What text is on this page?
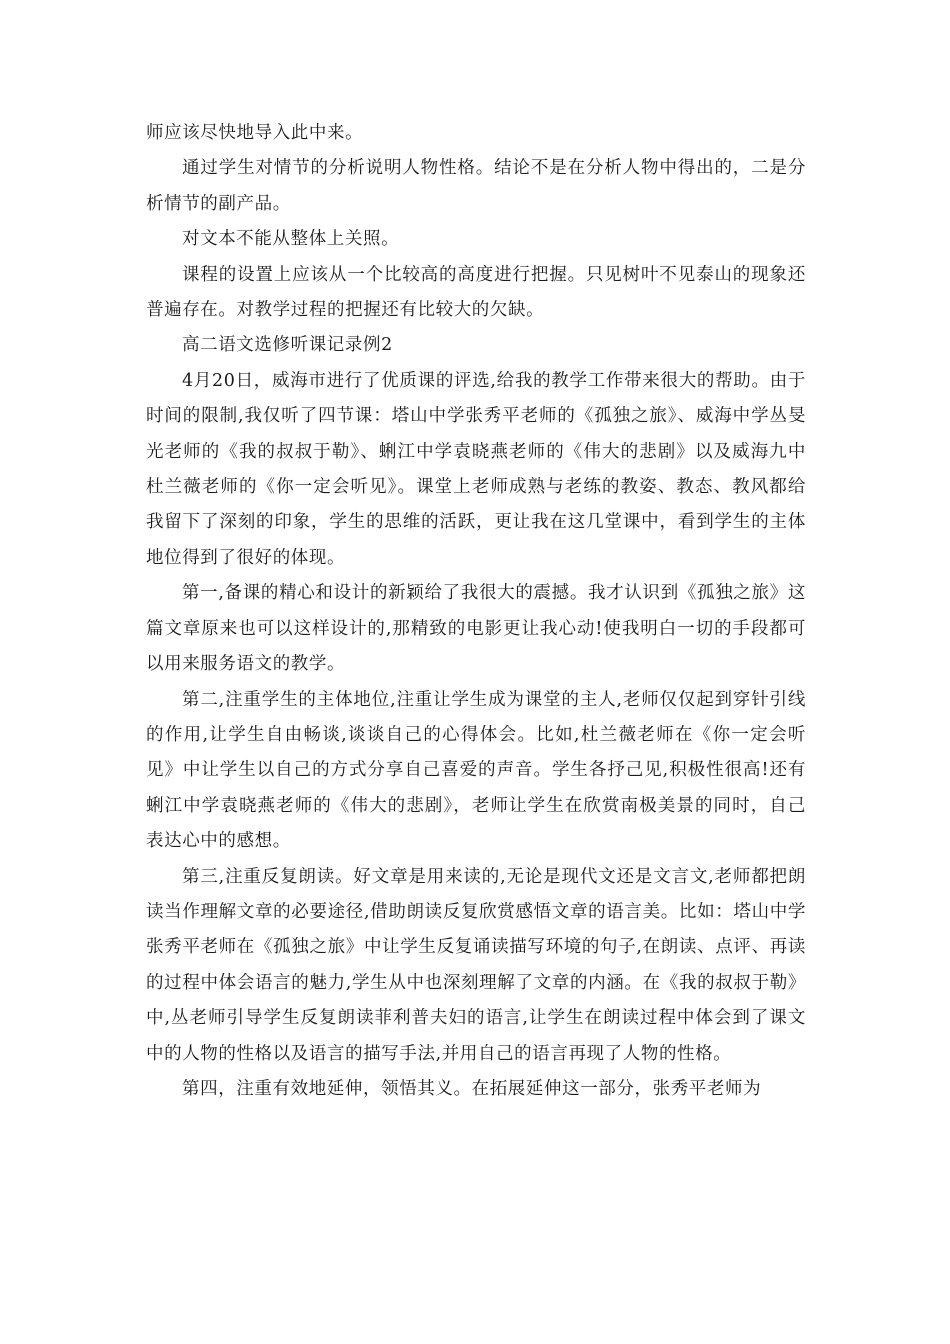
师应该尽快地导入此中来。

通过学生对情节的分析说明人物性格。结论不是在分析人物中得出的，二是分析情节的副产品。

对文本不能从整体上关照。

课程的设置上应该从一个比较高的高度进行把握。只见树叶不见泰山的现象还普遍存在。对教学过程的把握还有比较大的欠缺。

高二语文选修听课记录例2

4月20日，威海市进行了优质课的评选,给我的教学工作带来很大的帮助。由于时间的限制,我仅听了四节课：塔山中学张秀平老师的《孤独之旅》、威海中学丛旻光老师的《我的叔叔于勒》、蜊江中学袁晓燕老师的《伟大的悲剧》以及威海九中杜兰薇老师的《你一定会听见》。课堂上老师成熟与老练的教姿、教态、教风都给我留下了深刻的印象，学生的思维的活跃，更让我在这几堂课中，看到学生的主体地位得到了很好的体现。

第一,备课的精心和设计的新颖给了我很大的震撼。我才认识到《孤独之旅》这篇文章原来也可以这样设计的,那精致的电影更让我心动!使我明白一切的手段都可以用来服务语文的教学。

第二,注重学生的主体地位,注重让学生成为课堂的主人,老师仅仅起到穿针引线的作用,让学生自由畅谈,谈谈自己的心得体会。比如,杜兰薇老师在《你一定会听见》中让学生以自己的方式分享自己喜爱的声音。学生各抒己见,积极性很高!还有蜊江中学袁晓燕老师的《伟大的悲剧》，老师让学生在欣赏南极美景的同时，自己表达心中的感想。

第三,注重反复朗读。好文章是用来读的,无论是现代文还是文言文,老师都把朗读当作理解文章的必要途径,借助朗读反复欣赏感悟文章的语言美。比如：塔山中学张秀平老师在《孤独之旅》中让学生反复诵读描写环境的句子,在朗读、点评、再读的过程中体会语言的魅力,学生从中也深刻理解了文章的内涵。在《我的叔叔于勒》中,丛老师引导学生反复朗读菲利普夫妇的语言,让学生在朗读过程中体会到了课文中的人物的性格以及语言的描写手法,并用自己的语言再现了人物的性格。

第四，注重有效地延伸，领悟其义。在拓展延伸这一部分，张秀平老师为
